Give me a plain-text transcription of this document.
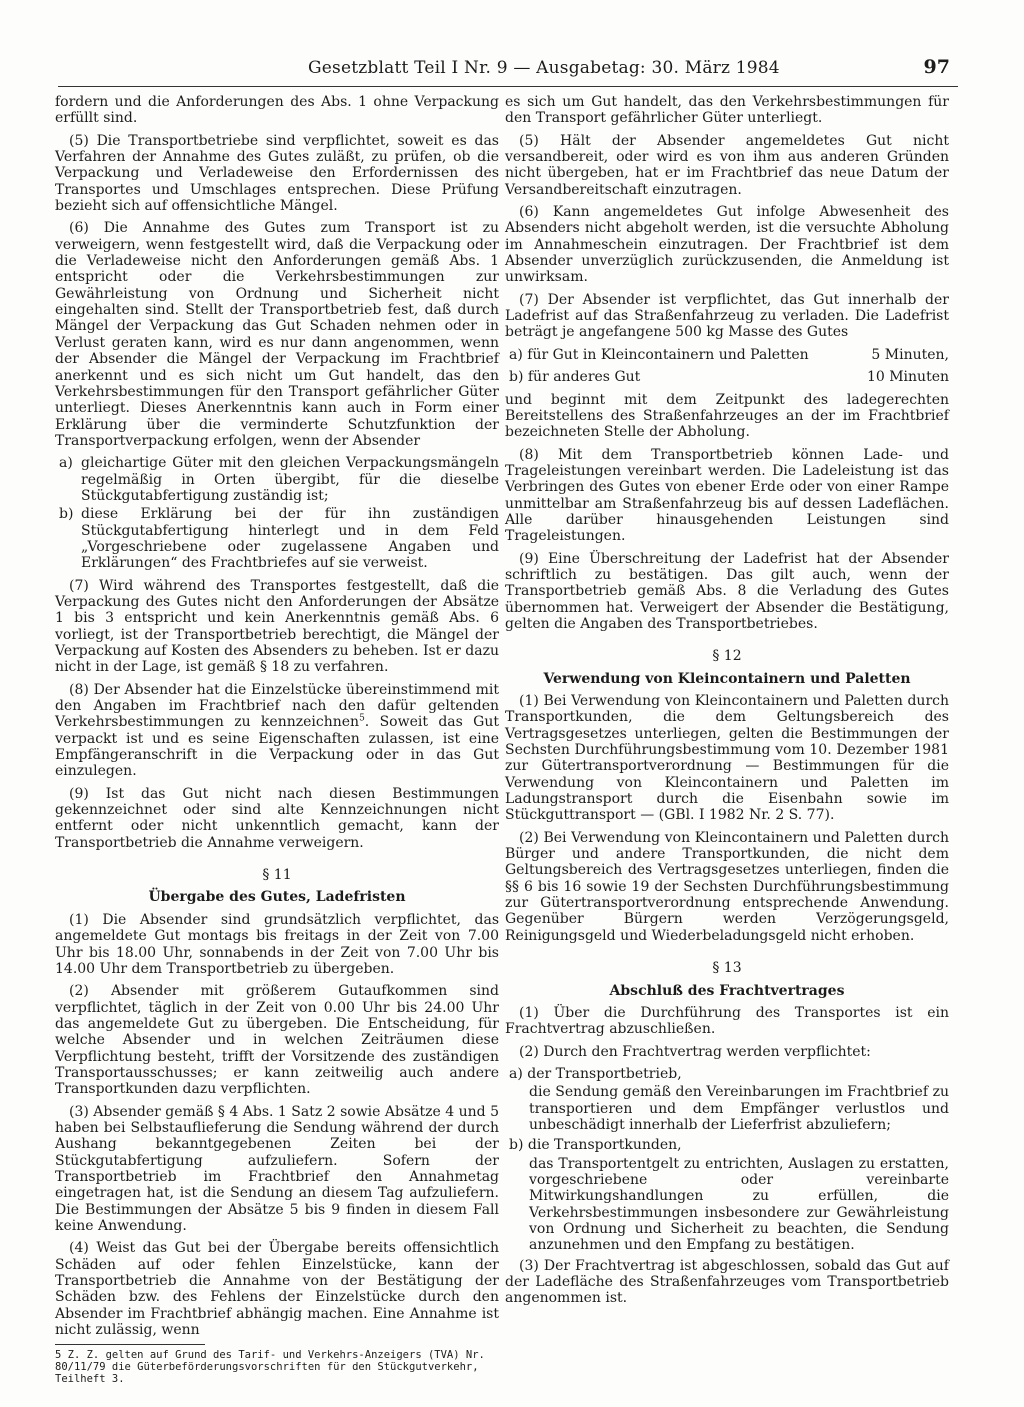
Gesetzblatt Teil I Nr. 9 — Ausgabetag: 30. März 1984	97

fordern und die Anforderungen des Abs. 1 ohne Verpackung erfüllt sind.

(5) Die Transportbetriebe sind verpflichtet, soweit es das Verfahren der Annahme des Gutes zuläßt, zu prüfen, ob die Verpackung und Verladeweise den Erfordernissen des Transportes und Umschlages entsprechen. Diese Prüfung bezieht sich auf offensichtliche Mängel.

(6) Die Annahme des Gutes zum Transport ist zu verweigern, wenn festgestellt wird, daß die Verpackung oder die Verladeweise nicht den Anforderungen gemäß Abs. 1 entspricht oder die Verkehrsbestimmungen zur Gewährleistung von Ordnung und Sicherheit nicht eingehalten sind. Stellt der Transportbetrieb fest, daß durch Mängel der Verpackung das Gut Schaden nehmen oder in Verlust geraten kann, wird es nur dann angenommen, wenn der Absender die Mängel der Verpackung im Frachtbrief anerkennt und es sich nicht um Gut handelt, das den Verkehrsbestimmungen für den Transport gefährlicher Güter unterliegt. Dieses Anerkenntnis kann auch in Form einer Erklärung über die verminderte Schutzfunktion der Transportverpackung erfolgen, wenn der Absender

a) gleichartige Güter mit den gleichen Verpackungsmängeln regelmäßig in Orten übergibt, für die dieselbe Stückgutabfertigung zuständig ist;
b) diese Erklärung bei der für ihn zuständigen Stückgutabfertigung hinterlegt und in dem Feld „Vorgeschriebene oder zugelassene Angaben und Erklärungen“ des Frachtbriefes auf sie verweist.

(7) Wird während des Transportes festgestellt, daß die Verpackung des Gutes nicht den Anforderungen der Absätze 1 bis 3 entspricht und kein Anerkenntnis gemäß Abs. 6 vorliegt, ist der Transportbetrieb berechtigt, die Mängel der Verpackung auf Kosten des Absenders zu beheben. Ist er dazu nicht in der Lage, ist gemäß § 18 zu verfahren.

(8) Der Absender hat die Einzelstücke übereinstimmend mit den Angaben im Frachtbrief nach den dafür geltenden Verkehrsbestimmungen zu kennzeichnen$^5$. Soweit das Gut verpackt ist und es seine Eigenschaften zulassen, ist eine Empfängeranschrift in die Verpackung oder in das Gut einzulegen.

(9) Ist das Gut nicht nach diesen Bestimmungen gekennzeichnet oder sind alte Kennzeichnungen nicht entfernt oder nicht unkenntlich gemacht, kann der Transportbetrieb die Annahme verweigern.

§ 11
Übergabe des Gutes, Ladefristen

(1) Die Absender sind grundsätzlich verpflichtet, das angemeldete Gut montags bis freitags in der Zeit von 7.00 Uhr bis 18.00 Uhr, sonnabends in der Zeit von 7.00 Uhr bis 14.00 Uhr dem Transportbetrieb zu übergeben.

(2) Absender mit größerem Gutaufkommen sind verpflichtet, täglich in der Zeit von 0.00 Uhr bis 24.00 Uhr das angemeldete Gut zu übergeben. Die Entscheidung, für welche Absender und in welchen Zeiträumen diese Verpflichtung besteht, trifft der Vorsitzende des zuständigen Transportausschusses; er kann zeitweilig auch andere Transportkunden dazu verpflichten.

(3) Absender gemäß § 4 Abs. 1 Satz 2 sowie Absätze 4 und 5 haben bei Selbstauflieferung die Sendung während der durch Aushang bekanntgegebenen Zeiten bei der Stückgutabfertigung aufzuliefern. Sofern der Transportbetrieb im Frachtbrief den Annahmetag eingetragen hat, ist die Sendung an diesem Tag aufzuliefern. Die Bestimmungen der Absätze 5 bis 9 finden in diesem Fall keine Anwendung.

(4) Weist das Gut bei der Übergabe bereits offensichtlich Schäden auf oder fehlen Einzelstücke, kann der Transportbetrieb die Annahme von der Bestätigung der Schäden bzw. des Fehlens der Einzelstücke durch den Absender im Frachtbrief abhängig machen. Eine Annahme ist nicht zulässig, wenn

5 Z. Z. gelten auf Grund des Tarif- und Verkehrs-Anzeigers (TVA) Nr. 80/11/79 die Güterbeförderungsvorschriften für den Stückgutverkehr, Teilheft 3.

es sich um Gut handelt, das den Verkehrsbestimmungen für den Transport gefährlicher Güter unterliegt.

(5) Hält der Absender angemeldetes Gut nicht versandbereit, oder wird es von ihm aus anderen Gründen nicht übergeben, hat er im Frachtbrief das neue Datum der Versandbereitschaft einzutragen.

(6) Kann angemeldetes Gut infolge Abwesenheit des Absenders nicht abgeholt werden, ist die versuchte Abholung im Annahmeschein einzutragen. Der Frachtbrief ist dem Absender unverzüglich zurückzusenden, die Anmeldung ist unwirksam.

(7) Der Absender ist verpflichtet, das Gut innerhalb der Ladefrist auf das Straßenfahrzeug zu verladen. Die Ladefrist beträgt je angefangene 500 kg Masse des Gutes

a) für Gut in Kleincontainern und Paletten	5 Minuten,
b) für anderes Gut	10 Minuten

und beginnt mit dem Zeitpunkt des ladegerechten Bereitstellens des Straßenfahrzeuges an der im Frachtbrief bezeichneten Stelle der Abholung.

(8) Mit dem Transportbetrieb können Lade- und Trageleistungen vereinbart werden. Die Ladeleistung ist das Verbringen des Gutes von ebener Erde oder von einer Rampe unmittelbar am Straßenfahrzeug bis auf dessen Ladeflächen. Alle darüber hinausgehenden Leistungen sind Trageleistungen.

(9) Eine Überschreitung der Ladefrist hat der Absender schriftlich zu bestätigen. Das gilt auch, wenn der Transportbetrieb gemäß Abs. 8 die Verladung des Gutes übernommen hat. Verweigert der Absender die Bestätigung, gelten die Angaben des Transportbetriebes.

§ 12
Verwendung von Kleincontainern und Paletten

(1) Bei Verwendung von Kleincontainern und Paletten durch Transportkunden, die dem Geltungsbereich des Vertragsgesetzes unterliegen, gelten die Bestimmungen der Sechsten Durchführungsbestimmung vom 10. Dezember 1981 zur Gütertransportverordnung — Bestimmungen für die Verwendung von Kleincontainern und Paletten im Ladungstransport durch die Eisenbahn sowie im Stückguttransport — (GBl. I 1982 Nr. 2 S. 77).

(2) Bei Verwendung von Kleincontainern und Paletten durch Bürger und andere Transportkunden, die nicht dem Geltungsbereich des Vertragsgesetzes unterliegen, finden die §§ 6 bis 16 sowie 19 der Sechsten Durchführungsbestimmung zur Gütertransportverordnung entsprechende Anwendung. Gegenüber Bürgern werden Verzögerungsgeld, Reinigungsgeld und Wiederbeladungsgeld nicht erhoben.

§ 13
Abschluß des Frachtvertrages

(1) Über die Durchführung des Transportes ist ein Frachtvertrag abzuschließen.

(2) Durch den Frachtvertrag werden verpflichtet:

a) der Transportbetrieb,
die Sendung gemäß den Vereinbarungen im Frachtbrief zu transportieren und dem Empfänger verlustlos und unbeschädigt innerhalb der Lieferfrist abzuliefern;
b) die Transportkunden,
das Transportentgelt zu entrichten, Auslagen zu erstatten, vorgeschriebene oder vereinbarte Mitwirkungshandlungen zu erfüllen, die Verkehrsbestimmungen insbesondere zur Gewährleistung von Ordnung und Sicherheit zu beachten, die Sendung anzunehmen und den Empfang zu bestätigen.

(3) Der Frachtvertrag ist abgeschlossen, sobald das Gut auf der Ladefläche des Straßenfahrzeuges vom Transportbetrieb angenommen ist.
